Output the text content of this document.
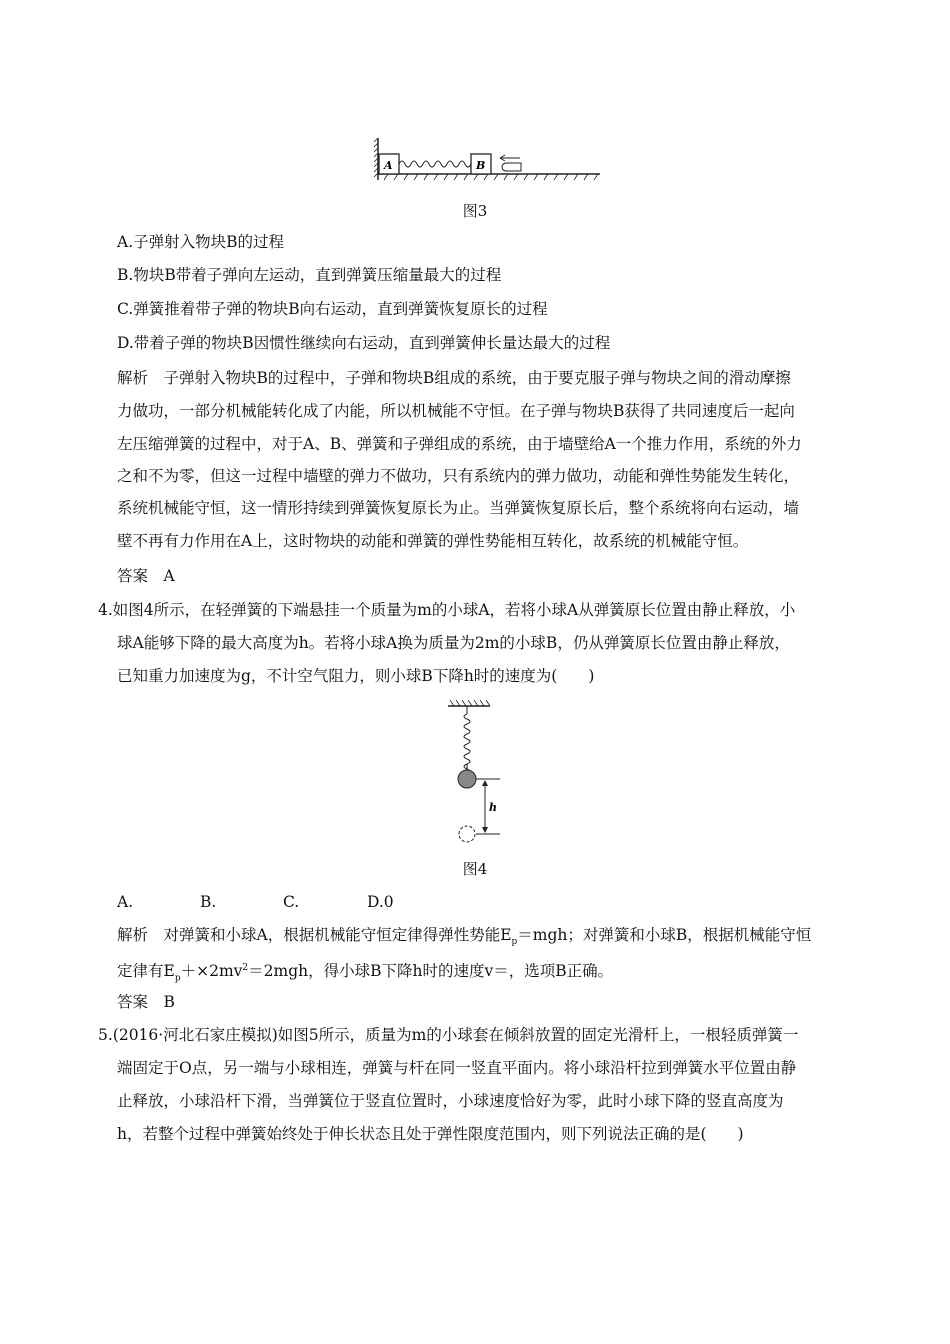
A	B
图3
A.子弹射入物块B的过程
B.物块B带着子弹向左运动，直到弹簧压缩量最大的过程
C.弹簧推着带子弹的物块B向右运动，直到弹簧恢复原长的过程
D.带着子弹的物块B因惯性继续向右运动，直到弹簧伸长量达最大的过程
解析　子弹射入物块B的过程中，子弹和物块B组成的系统，由于要克服子弹与物块之间的滑动摩擦
力做功，一部分机械能转化成了内能，所以机械能不守恒。在子弹与物块B获得了共同速度后一起向
左压缩弹簧的过程中，对于A、B、弹簧和子弹组成的系统，由于墙壁给A一个推力作用，系统的外力
之和不为零，但这一过程中墙壁的弹力不做功，只有系统内的弹力做功，动能和弹性势能发生转化，
系统机械能守恒，这一情形持续到弹簧恢复原长为止。当弹簧恢复原长后，整个系统将向右运动，墙
壁不再有力作用在A上，这时物块的动能和弹簧的弹性势能相互转化，故系统的机械能守恒。
答案　A
4.如图4所示，在轻弹簧的下端悬挂一个质量为m的小球A，若将小球A从弹簧原长位置由静止释放，小
球A能够下降的最大高度为h。若将小球A换为质量为2m的小球B，仍从弹簧原长位置由静止释放，
已知重力加速度为g，不计空气阻力，则小球B下降h时的速度为(　　)
h
图4
A.	B.	C.	D.0
解析　对弹簧和小球A，根据机械能守恒定律得弹性势能$E_p=mgh$；对弹簧和小球B，根据机械能守恒
定律有$E_p+\times 2mv^2=2mgh$，得小球B下降h时的速度v＝，选项B正确。
答案　B
5.(2016·河北石家庄模拟)如图5所示，质量为m的小球套在倾斜放置的固定光滑杆上，一根轻质弹簧一
端固定于O点，另一端与小球相连，弹簧与杆在同一竖直平面内。将小球沿杆拉到弹簧水平位置由静
止释放，小球沿杆下滑，当弹簧位于竖直位置时，小球速度恰好为零，此时小球下降的竖直高度为
h，若整个过程中弹簧始终处于伸长状态且处于弹性限度范围内，则下列说法正确的是(　　)
